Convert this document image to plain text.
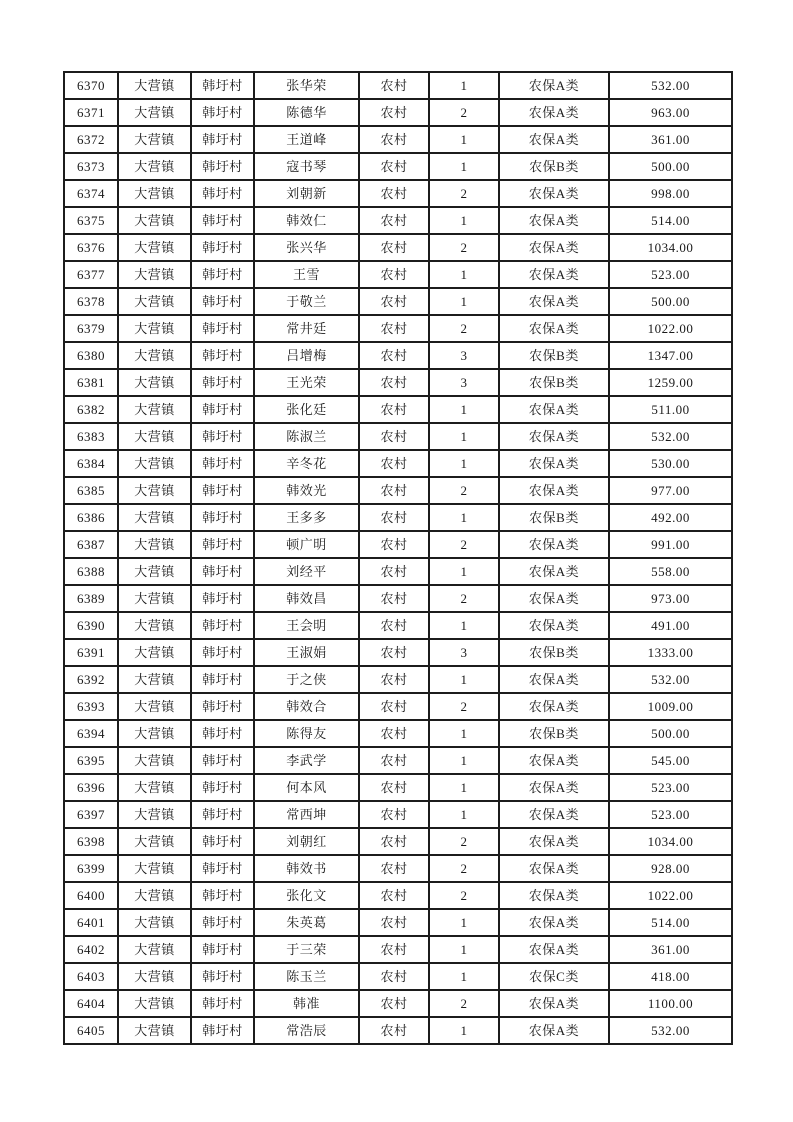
6370	大营镇	韩圩村	张华荣	农村	1	农保A类	532.00
6371	大营镇	韩圩村	陈德华	农村	2	农保A类	963.00
6372	大营镇	韩圩村	王道峰	农村	1	农保A类	361.00
6373	大营镇	韩圩村	寇书琴	农村	1	农保B类	500.00
6374	大营镇	韩圩村	刘朝新	农村	2	农保A类	998.00
6375	大营镇	韩圩村	韩效仁	农村	1	农保A类	514.00
6376	大营镇	韩圩村	张兴华	农村	2	农保A类	1034.00
6377	大营镇	韩圩村	王雪	农村	1	农保A类	523.00
6378	大营镇	韩圩村	于敬兰	农村	1	农保A类	500.00
6379	大营镇	韩圩村	常井廷	农村	2	农保A类	1022.00
6380	大营镇	韩圩村	吕增梅	农村	3	农保B类	1347.00
6381	大营镇	韩圩村	王光荣	农村	3	农保B类	1259.00
6382	大营镇	韩圩村	张化廷	农村	1	农保A类	511.00
6383	大营镇	韩圩村	陈淑兰	农村	1	农保A类	532.00
6384	大营镇	韩圩村	辛冬花	农村	1	农保A类	530.00
6385	大营镇	韩圩村	韩效光	农村	2	农保A类	977.00
6386	大营镇	韩圩村	王多多	农村	1	农保B类	492.00
6387	大营镇	韩圩村	顿广明	农村	2	农保A类	991.00
6388	大营镇	韩圩村	刘经平	农村	1	农保A类	558.00
6389	大营镇	韩圩村	韩效昌	农村	2	农保A类	973.00
6390	大营镇	韩圩村	王会明	农村	1	农保A类	491.00
6391	大营镇	韩圩村	王淑娟	农村	3	农保B类	1333.00
6392	大营镇	韩圩村	于之侠	农村	1	农保A类	532.00
6393	大营镇	韩圩村	韩效合	农村	2	农保A类	1009.00
6394	大营镇	韩圩村	陈得友	农村	1	农保B类	500.00
6395	大营镇	韩圩村	李武学	农村	1	农保A类	545.00
6396	大营镇	韩圩村	何本风	农村	1	农保A类	523.00
6397	大营镇	韩圩村	常西坤	农村	1	农保A类	523.00
6398	大营镇	韩圩村	刘朝红	农村	2	农保A类	1034.00
6399	大营镇	韩圩村	韩效书	农村	2	农保A类	928.00
6400	大营镇	韩圩村	张化文	农村	2	农保A类	1022.00
6401	大营镇	韩圩村	朱英葛	农村	1	农保A类	514.00
6402	大营镇	韩圩村	于三荣	农村	1	农保A类	361.00
6403	大营镇	韩圩村	陈玉兰	农村	1	农保C类	418.00
6404	大营镇	韩圩村	韩准	农村	2	农保A类	1100.00
6405	大营镇	韩圩村	常浩辰	农村	1	农保A类	532.00
